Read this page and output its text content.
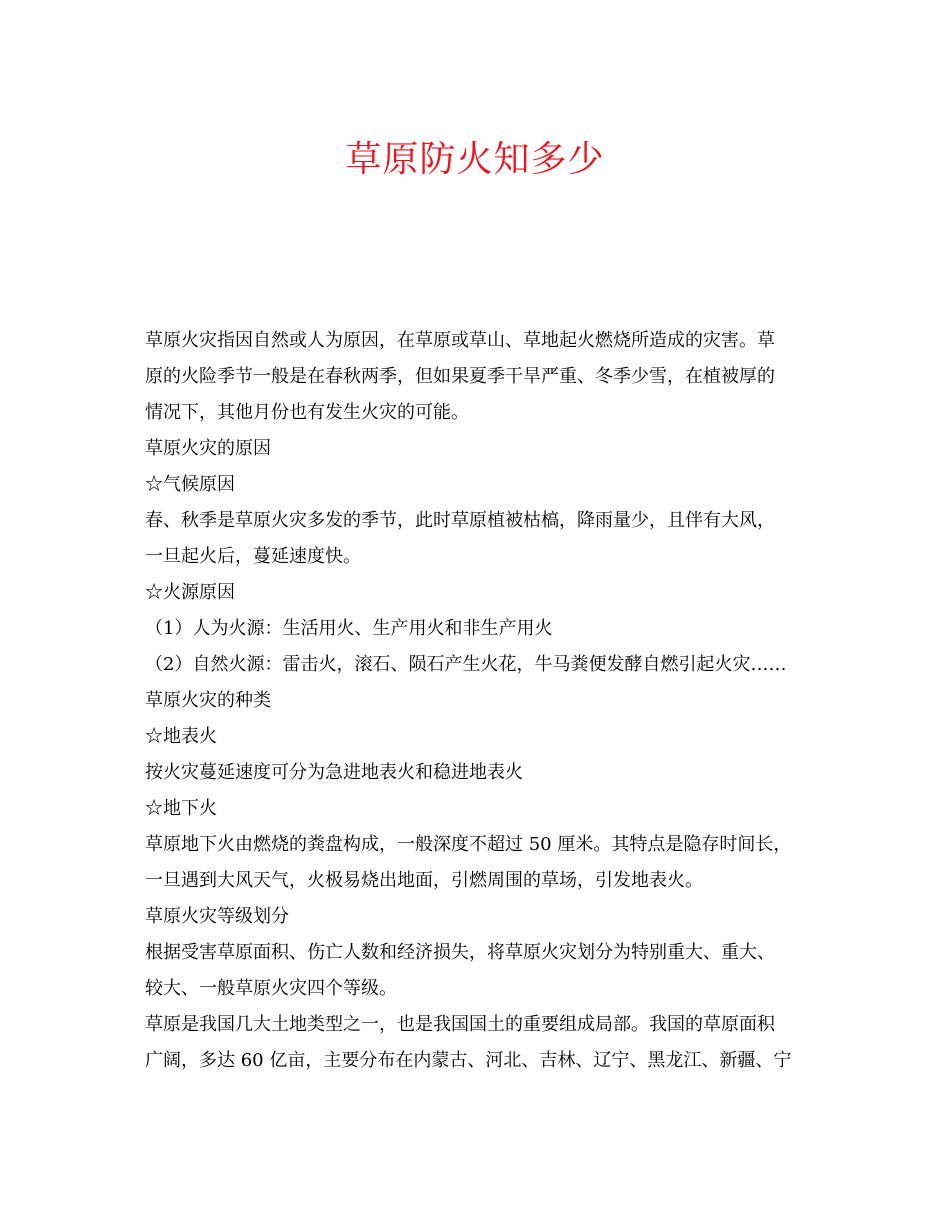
草原防火知多少

草原火灾指因自然或人为原因，在草原或草山、草地起火燃烧所造成的灾害。草

原的火险季节一般是在春秋两季，但如果夏季干旱严重、冬季少雪，在植被厚的

情况下，其他月份也有发生火灾的可能。

草原火灾的原因

☆气候原因

春、秋季是草原火灾多发的季节，此时草原植被枯槁，降雨量少，且伴有大风，

一旦起火后，蔓延速度快。

☆火源原因

（1）人为火源：生活用火、生产用火和非生产用火

（2）自然火源：雷击火，滚石、陨石产生火花，牛马粪便发酵自燃引起火灾……

草原火灾的种类

☆地表火

按火灾蔓延速度可分为急进地表火和稳进地表火

☆地下火

草原地下火由燃烧的粪盘构成，一般深度不超过 50 厘米。其特点是隐存时间长，

一旦遇到大风天气，火极易烧出地面，引燃周围的草场，引发地表火。

草原火灾等级划分

根据受害草原面积、伤亡人数和经济损失，将草原火灾划分为特别重大、重大、

较大、一般草原火灾四个等级。

草原是我国几大土地类型之一，也是我国国土的重要组成局部。我国的草原面积

广阔，多达 60 亿亩，主要分布在内蒙古、河北、吉林、辽宁、黑龙江、新疆、宁
